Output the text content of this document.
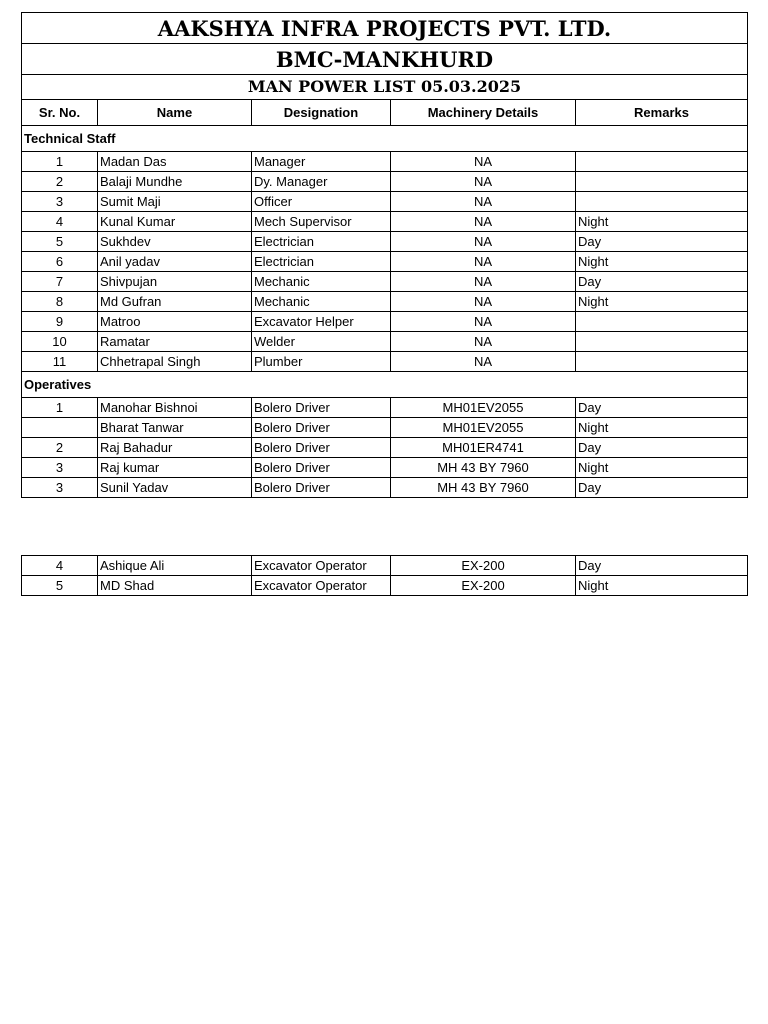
AAKSHYA INFRA PROJECTS PVT. LTD.				
BMC-MANKHURD				
MAN POWER LIST 05.03.2025				
Sr. No.	Name	Designation	Machinery Details	Remarks
Technical Staff				
1	Madan Das	Manager	NA	
2	Balaji Mundhe	Dy. Manager	NA	
3	Sumit Maji	Officer	NA	
4	Kunal Kumar	Mech Supervisor	NA	Night
5	Sukhdev	Electrician	NA	Day
6	Anil yadav	Electrician	NA	Night
7	Shivpujan	Mechanic	NA	Day
8	Md Gufran	Mechanic	NA	Night
9	Matroo	Excavator Helper	NA	
10	Ramatar	Welder	NA	
11	Chhetrapal Singh	Plumber	NA	
Operatives				
1	Manohar Bishnoi	Bolero Driver	MH01EV2055	Day
	Bharat Tanwar	Bolero Driver	MH01EV2055	Night
2	Raj Bahadur	Bolero Driver	MH01ER4741	Day
3	Raj kumar	Bolero Driver	MH 43 BY 7960	Night
3	Sunil Yadav	Bolero Driver	MH 43 BY 7960	Day
4	Ashique Ali	Excavator Operator	EX-200	Day
5	MD Shad	Excavator Operator	EX-200	Night
